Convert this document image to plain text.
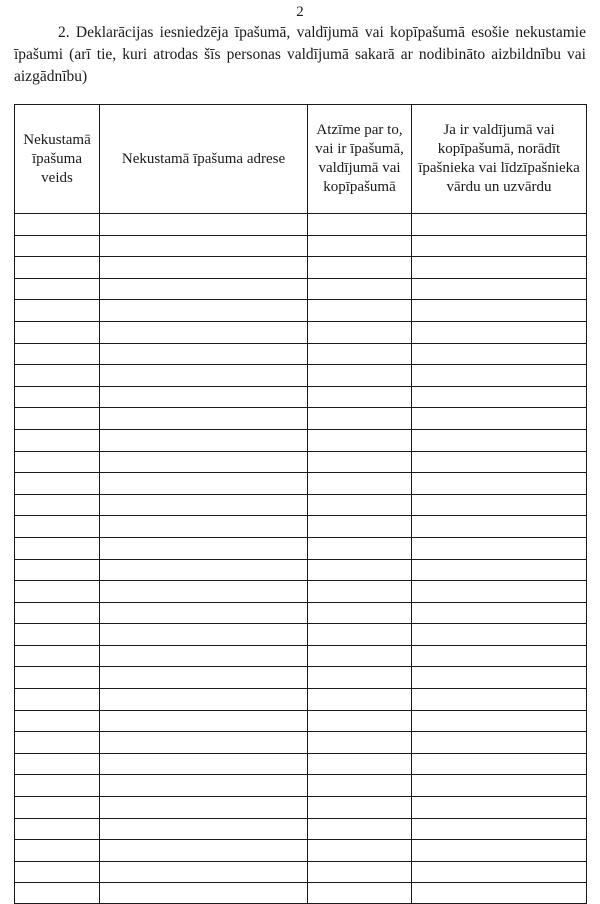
2

2. Deklarācijas iesniedzēja īpašumā, valdījumā vai kopīpašumā esošie nekustamie īpašumi (arī tie, kuri atrodas šīs personas valdījumā sakarā ar nodibināto aizbildnību vai aizgādnību)

Nekustamā īpašuma veids	Nekustamā īpašuma adrese	Atzīme par to, vai ir īpašumā, valdījumā vai kopīpašumā	Ja ir valdījumā vai kopīpašumā, norādīt īpašnieka vai līdzīpašnieka vārdu un uzvārdu
